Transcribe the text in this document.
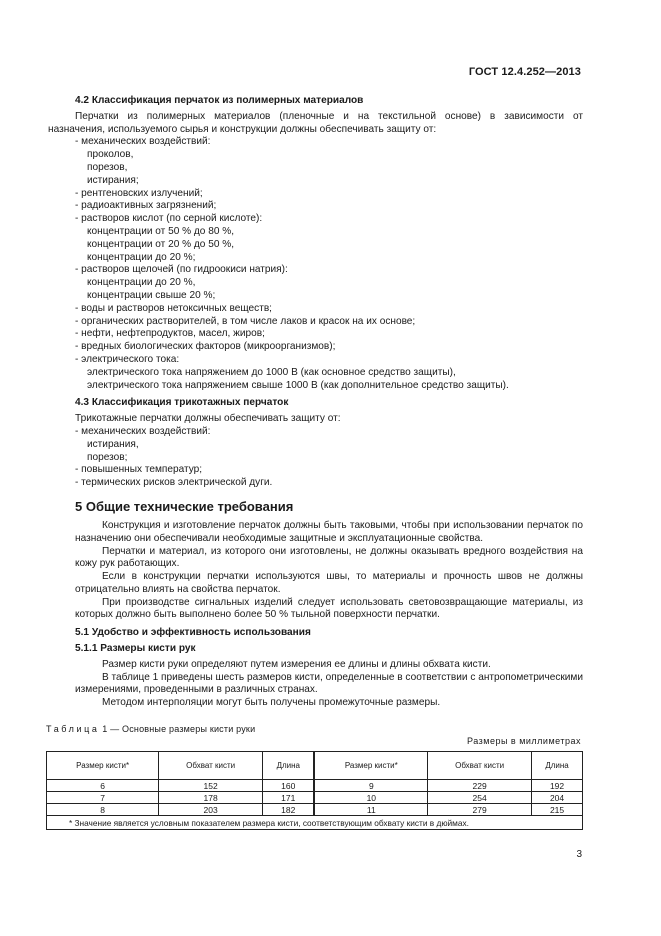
ГОСТ 12.4.252—2013

4.2 Классификация перчаток из полимерных материалов

Перчатки из полимерных материалов (пленочные и на текстильной основе) в зависимости от

назначения, используемого сырья и конструкции должны обеспечивать защиту от:

- механических воздействий:

проколов,

порезов,

истирания;

- рентгеновских излучений;

- радиоактивных загрязнений;

- растворов кислот (по серной кислоте):

концентрации от 50 % до 80 %,

концентрации от 20 % до 50 %,

концентрации до 20 %;

- растворов щелочей (по гидроокиси натрия):

концентрации до 20 %,

концентрации свыше 20 %;

- воды и растворов нетоксичных веществ;

- органических растворителей, в том числе лаков и красок на их основе;

- нефти, нефтепродуктов, масел, жиров;

- вредных биологических факторов (микроорганизмов);

- электрического тока:

электрического тока напряжением до 1000 В (как основное средство защиты),

электрического тока напряжением свыше 1000 В (как дополнительное средство защиты).

4.3 Классификация трикотажных перчаток

Трикотажные перчатки должны обеспечивать защиту от:

- механических воздействий:

истирания,

порезов;

- повышенных температур;

- термических рисков электрической дуги.

5 Общие технические требования

Конструкция и изготовление перчаток должны быть таковыми, чтобы при использовании перчаток по назначению они обеспечивали необходимые защитные и эксплуатационные свойства.

Перчатки и материал, из которого они изготовлены, не должны оказывать вредного воздействия на кожу рук работающих.

Если в конструкции перчатки используются швы, то материалы и прочность швов не должны отрицательно влиять на свойства перчаток.

При производстве сигнальных изделий следует использовать световозвращающие материалы, из которых должно быть выполнено более 50 % тыльной поверхности перчатки.

5.1 Удобство и эффективность использования

5.1.1 Размеры кисти рук

Размер кисти руки определяют путем измерения ее длины и длины обхвата кисти.

В таблице 1 приведены шесть размеров кисти, определенные в соответствии с антропометрическими измерениями, проведенными в различных странах.

Методом интерполяции могут быть получены промежуточные размеры.

Таблица 1 — Основные размеры кисти руки
Размеры в миллиметрах
Размер кисти*	Обхват кисти	Длина	Размер кисти*	Обхват кисти	Длина
6	152	160	9	229	192
7	178	171	10	254	204
8	203	182	11	279	215
* Значение является условным показателем размера кисти, соответствующим обхвату кисти в дюймах.					
3
